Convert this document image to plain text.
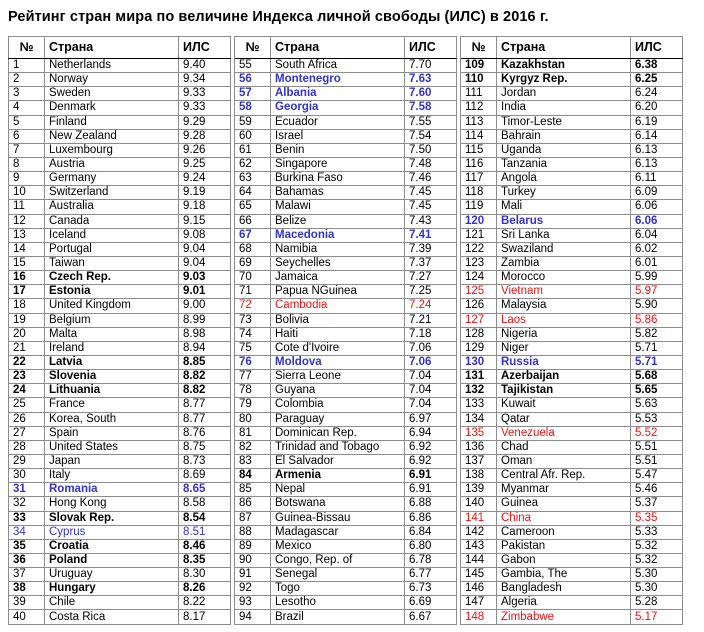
Рейтинг стран мира по величине Индекса личной свободы (ИЛС) в 2016 г.
№	Страна	ИЛС		№	Страна	ИЛС		№	Страна	ИЛС
1	Netherlands	9.40		55	South Africa	7.70		109	Kazakhstan	6.38
2	Norway	9.34		56	Montenegro	7.63		110	Kyrgyz Rep.	6.25
3	Sweden	9.33		57	Albania	7.60		111	Jordan	6.24
4	Denmark	9.33		58	Georgia	7.58		112	India	6.20
5	Finland	9.29		59	Ecuador	7.55		113	Timor-Leste	6.19
6	New Zealand	9.28		60	Israel	7.54		114	Bahrain	6.14
7	Luxembourg	9.26		61	Benin	7.50		115	Uganda	6.13
8	Austria	9.25		62	Singapore	7.48		116	Tanzania	6.13
9	Germany	9.24		63	Burkina Faso	7.46		117	Angola	6.11
10	Switzerland	9.19		64	Bahamas	7.45		118	Turkey	6.09
11	Australia	9.18		65	Malawi	7.45		119	Mali	6.06
12	Canada	9.15		66	Belize	7.43		120	Belarus	6.06
13	Iceland	9.08		67	Macedonia	7.41		121	Sri Lanka	6.04
14	Portugal	9.04		68	Namibia	7.39		122	Swaziland	6.02
15	Taiwan	9.04		69	Seychelles	7.37		123	Zambia	6.01
16	Czech Rep.	9.03		70	Jamaica	7.27		124	Morocco	5.99
17	Estonia	9.01		71	Papua NGuinea	7.25		125	Vietnam	5.97
18	United Kingdom	9.00		72	Cambodia	7.24		126	Malaysia	5.90
19	Belgium	8.99		73	Bolivia	7.21		127	Laos	5.86
20	Malta	8.98		74	Haiti	7.18		128	Nigeria	5.82
21	Ireland	8.94		75	Cote d'Ivoire	7.06		129	Niger	5.71
22	Latvia	8.85		76	Moldova	7.06		130	Russia	5.71
23	Slovenia	8.82		77	Sierra Leone	7.04		131	Azerbaijan	5.68
24	Lithuania	8.82		78	Guyana	7.04		132	Tajikistan	5.65
25	France	8.77		79	Colombia	7.04		133	Kuwait	5.63
26	Korea, South	8.77		80	Paraguay	6.97		134	Qatar	5.53
27	Spain	8.76		81	Dominican Rep.	6.94		135	Venezuela	5.52
28	United States	8.75		82	Trinidad and Tobago	6.92		136	Chad	5.51
29	Japan	8.73		83	El Salvador	6.92		137	Oman	5.51
30	Italy	8.69		84	Armenia	6.91		138	Central Afr. Rep.	5.47
31	Romania	8.65		85	Nepal	6.91		139	Myanmar	5.46
32	Hong Kong	8.58		86	Botswana	6.88		140	Guinea	5.37
33	Slovak Rep.	8.54		87	Guinea-Bissau	6.86		141	China	5.35
34	Cyprus	8.51		88	Madagascar	6.84		142	Cameroon	5.33
35	Croatia	8.46		89	Mexico	6.80		143	Pakistan	5.32
36	Poland	8.35		90	Congo, Rep. of	6.78		144	Gabon	5.32
37	Uruguay	8.30		91	Senegal	6.77		145	Gambia, The	5.30
38	Hungary	8.26		92	Togo	6.73		146	Bangladesh	5.30
39	Chile	8.22		93	Lesotho	6.69		147	Algeria	5.28
40	Costa Rica	8.17		94	Brazil	6.67		148	Zimbabwe	5.17
